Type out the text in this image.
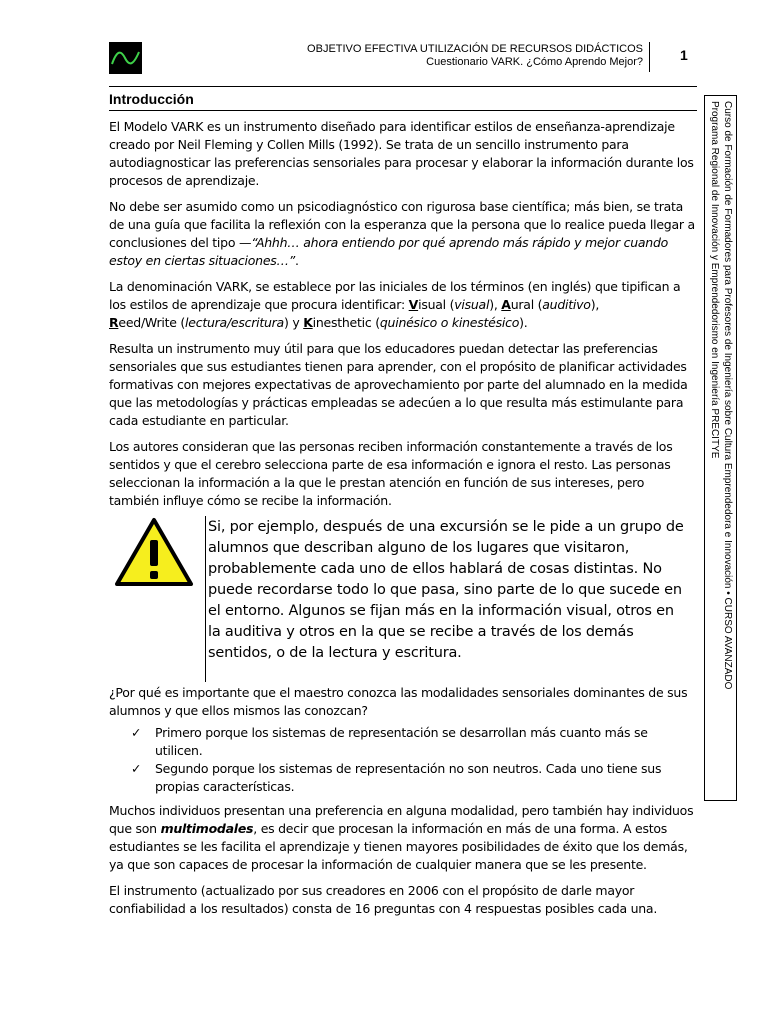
OBJETIVO EFECTIVA UTILIZACIÓN DE RECURSOS DIDÁCTICOS
Cuestionario VARK. ¿Cómo Aprendo Mejor?	1
Introducción
Curso de Formación de Formadores para Profesores de Ingeniería sobre Cultura Emprendedora e Innovación • CURSO AVANZADO
Programa Regional de Innovación y Emprendedorismo en Ingeniería PRECITYE

El Modelo VARK es un instrumento diseñado para identificar estilos de enseñanza-aprendizaje creado por Neil Fleming y Collen Mills (1992). Se trata de un sencillo instrumento para autodiagnosticar las preferencias sensoriales para procesar y elaborar la información durante los procesos de aprendizaje.

No debe ser asumido como un psicodiagnóstico con rigurosa base científica; más bien, se trata de una guía que facilita la reflexión con la esperanza que la persona que lo realice pueda llegar a conclusiones del tipo —“Ahhh… ahora entiendo por qué aprendo más rápido y mejor cuando estoy en ciertas situaciones…”.

La denominación VARK, se establece por las iniciales de los términos (en inglés) que tipifican a los estilos de aprendizaje que procura identificar: Visual (visual), Aural (auditivo),
Reed/Write (lectura/escritura) y Kinesthetic (quinésico o kinestésico).

Resulta un instrumento muy útil para que los educadores puedan detectar las preferencias sensoriales que sus estudiantes tienen para aprender, con el propósito de planificar actividades formativas con mejores expectativas de aprovechamiento por parte del alumnado en la medida que las metodologías y prácticas empleadas se adecúen a lo que resulta más estimulante para cada estudiante en particular.

Los autores consideran que las personas reciben información constantemente a través de los sentidos y que el cerebro selecciona parte de esa información e ignora el resto. Las personas seleccionan la información a la que le prestan atención en función de sus intereses, pero también influye cómo se recibe la información.

Si, por ejemplo, después de una excursión se le pide a un grupo de alumnos que describan alguno de los lugares que visitaron, probablemente cada uno de ellos hablará de cosas distintas. No puede recordarse todo lo que pasa, sino parte de lo que sucede en el entorno. Algunos se fijan más en la información visual, otros en la auditiva y otros en la que se recibe a través de los demás sentidos, o de la lectura y escritura.

¿Por qué es importante que el maestro conozca las modalidades sensoriales dominantes de sus alumnos y que ellos mismos las conozcan?

✓ Primero porque los sistemas de representación se desarrollan más cuanto más se utilicen.
✓ Segundo porque los sistemas de representación no son neutros. Cada uno tiene sus propias características.

Muchos individuos presentan una preferencia en alguna modalidad, pero también hay individuos que son multimodales, es decir que procesan la información en más de una forma. A estos estudiantes se les facilita el aprendizaje y tienen mayores posibilidades de éxito que los demás, ya que son capaces de procesar la información de cualquier manera que se les presente.

El instrumento (actualizado por sus creadores en 2006 con el propósito de darle mayor confiabilidad a los resultados) consta de 16 preguntas con 4 respuestas posibles cada una.
